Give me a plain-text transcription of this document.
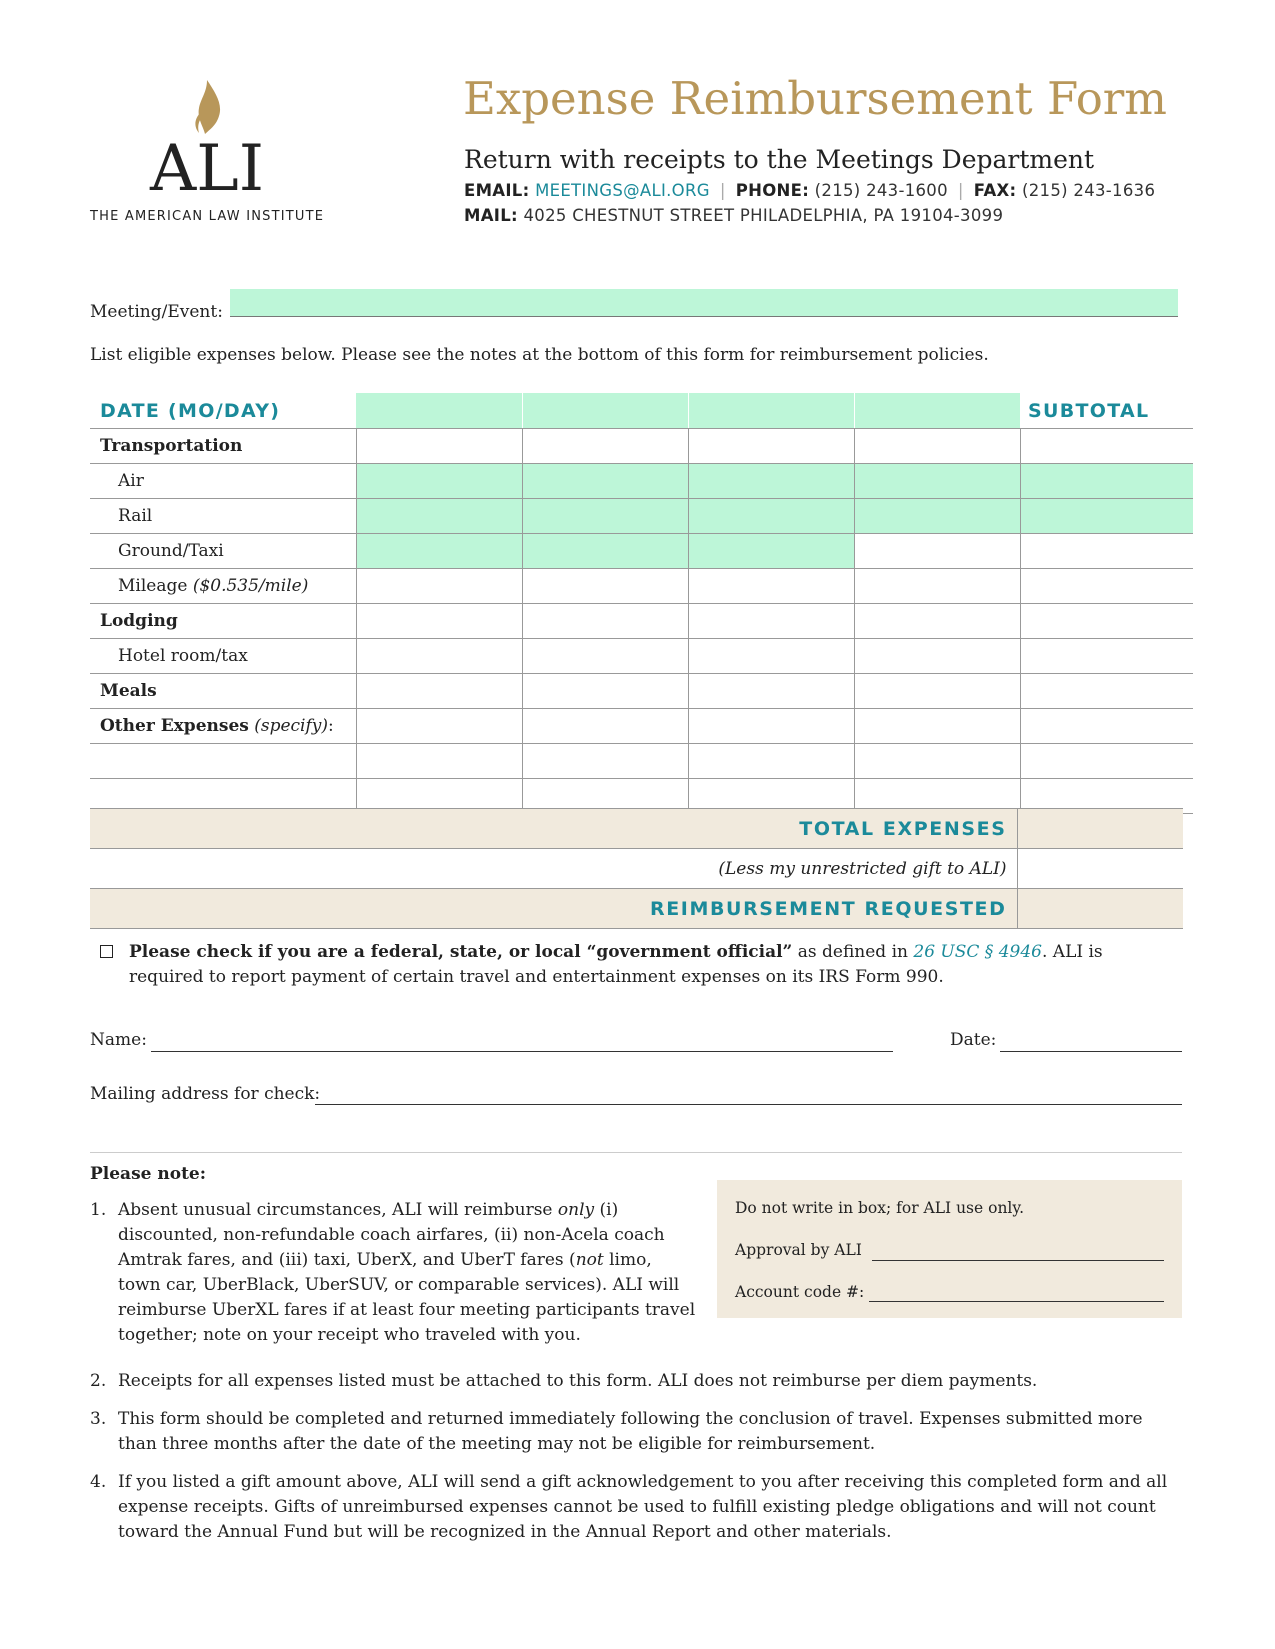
ALI
THE AMERICAN LAW INSTITUTE
Expense Reimbursement Form
Return with receipts to the Meetings Department
EMAIL: MEETINGS@ALI.ORG | PHONE: (215) 243-1600 | FAX: (215) 243-1636
MAIL: 4025 CHESTNUT STREET PHILADELPHIA, PA 19104-3099
Meeting/Event:
List eligible expenses below. Please see the notes at the bottom of this form for reimbursement policies.
DATE (MO/DAY)					SUBTOTAL
Transportation					
Air					
Rail					
Ground/Taxi					
Mileage ($0.535/mile)					
Lodging					
Hotel room/tax					
Meals					
Other Expenses (specify):					

TOTAL EXPENSES	
(Less my unrestricted gift to ALI)	
REIMBURSEMENT REQUESTED	
Please check if you are a federal, state, or local “government official” as defined in 26 USC § 4946. ALI is required to report payment of certain travel and entertainment expenses on its IRS Form 990.
Name:	Date:
Mailing address for check:
Please note:
1. Absent unusual circumstances, ALI will reimburse only (i) discounted, non-refundable coach airfares, (ii) non-Acela coach Amtrak fares, and (iii) taxi, UberX, and UberT fares (not limo, town car, UberBlack, UberSUV, or comparable services). ALI will reimburse UberXL fares if at least four meeting participants travel together; note on your receipt who traveled with you.
Do not write in box; for ALI use only.
Approval by ALI
Account code #:
2. Receipts for all expenses listed must be attached to this form. ALI does not reimburse per diem payments.
3. This form should be completed and returned immediately following the conclusion of travel. Expenses submitted more than three months after the date of the meeting may not be eligible for reimbursement.
4. If you listed a gift amount above, ALI will send a gift acknowledgement to you after receiving this completed form and all expense receipts. Gifts of unreimbursed expenses cannot be used to fulfill existing pledge obligations and will not count toward the Annual Fund but will be recognized in the Annual Report and other materials.
